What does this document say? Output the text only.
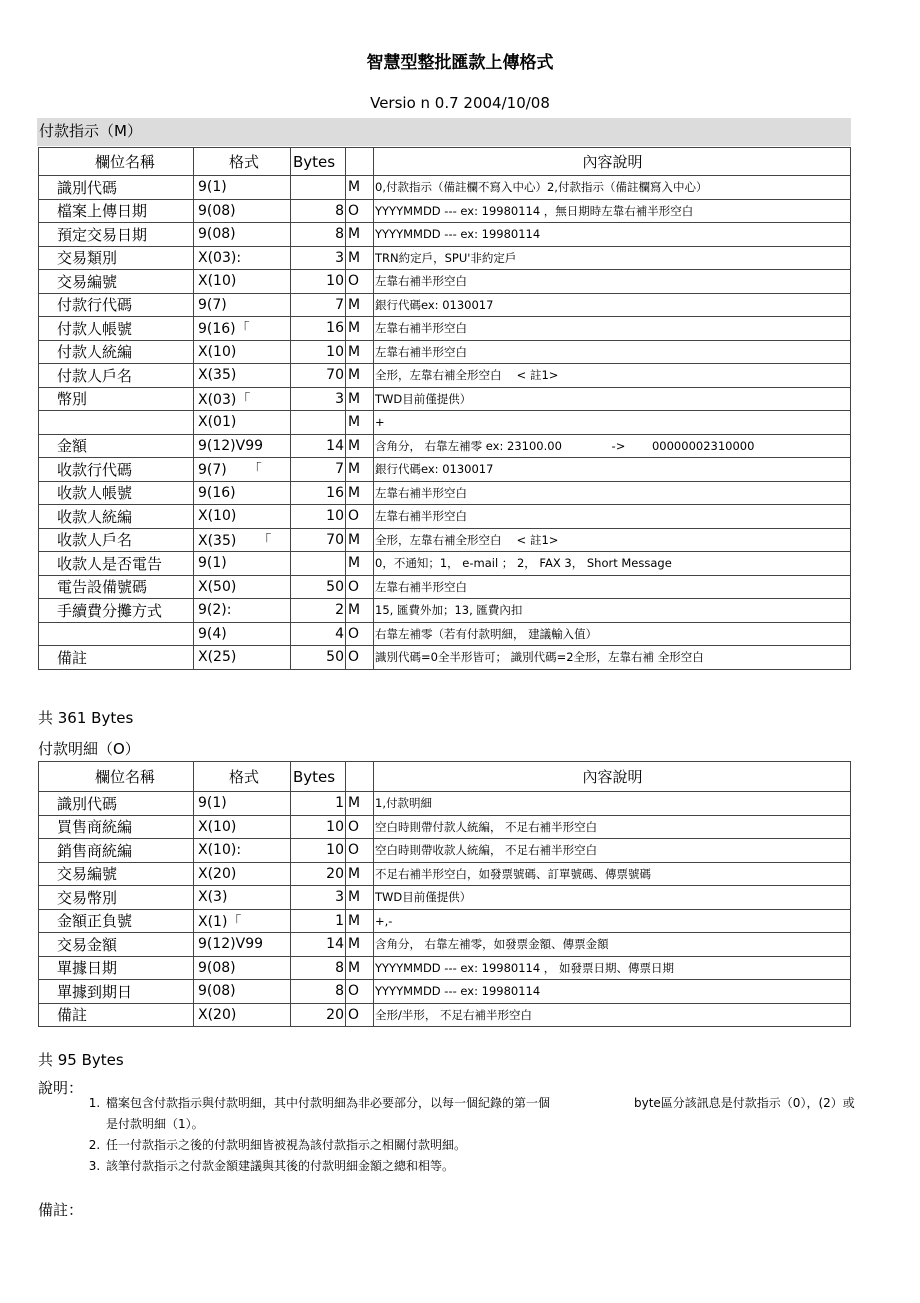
智慧型整批匯款上傳格式
Versio n 0.7 2004/10/08
付款指示（M）
欄位名稱	格式	Bytes		內容說明
識別代碼	9(1)		M	0,付款指示（備註欄不寫入中心）2,付款指示（備註欄寫入中心）
檔案上傳日期	9(08)	8	O	YYYYMMDD --- ex: 19980114 ，無日期時左靠右補半形空白
預定交易日期	9(08)	8	M	YYYYMMDD --- ex: 19980114
交易類別	X(03):	3	M	TRN約定戶，SPU'非約定戶
交易編號	X(10)	10	O	左靠右補半形空白
付款行代碼	9(7)	7	M	銀行代碼ex: 0130017
付款人帳號	9(16)「	16	M	左靠右補半形空白
付款人統編	X(10)	10	M	左靠右補半形空白
付款人戶名	X(35)	70	M	全形，左靠右補全形空白　 < 註1>
幣別	X(03)「	3	M	TWD目前僅提供）
	X(01)		M	+
金額	9(12)V99	14	M	含角分， 右靠左補零 ex: 23100.00　　　　 ->　　 00000002310000
收款行代碼	9(7)　　「	7	M	銀行代碼ex: 0130017
收款人帳號	9(16)	16	M	左靠右補半形空白
收款人統編	X(10)	10	O	左靠右補半形空白
收款人戶名	X(35)　　「	70	M	全形，左靠右補全形空白　 < 註1>
收款人是否電告	9(1)		M	0，不通知；1， e-mail ； 2， FAX 3， Short Message
電告設備號碼	X(50)	50	O	左靠右補半形空白
手續費分攤方式	9(2):	2	M	15, 匯費外加；13, 匯費內扣
	9(4)	4	O	右靠左補零（若有付款明細， 建議輸入值）
備註	X(25)	50	O	識別代碼=0全半形皆可； 識別代碼=2全形，左靠右補 全形空白
共 361 Bytes
付款明細（O）
欄位名稱	格式	Bytes		內容說明
識別代碼	9(1)	1	M	1,付款明細
買售商統編	X(10)	10	O	空白時則帶付款人統編， 不足右補半形空白
銷售商統編	X(10):	10	O	空白時則帶收款人統編， 不足右補半形空白
交易編號	X(20)	20	M	不足右補半形空白，如發票號碼、訂單號碼、傳票號碼
交易幣別	X(3)	3	M	TWD目前僅提供）
金額正負號	X(1)「	1	M	+,-
交易金額	9(12)V99	14	M	含角分， 右靠左補零，如發票金額、傳票金額
單據日期	9(08)	8	M	YYYYMMDD --- ex: 19980114 ， 如發票日期、傳票日期
單據到期日	9(08)	8	O	YYYYMMDD --- ex: 19980114
備註	X(20)	20	O	全形/半形， 不足右補半形空白
共 95 Bytes
說明：
1. 檔案包含付款指示與付款明細，其中付款明細為非必要部分，以每一個紀錄的第一個　　　　　　　byte區分該訊息是付款指示（0），(2）或是付款明細（1）。
2. 任一付款指示之後的付款明細皆被視為該付款指示之相關付款明細。
3. 該筆付款指示之付款金額建議與其後的付款明細金額之總和相等。
備註：
